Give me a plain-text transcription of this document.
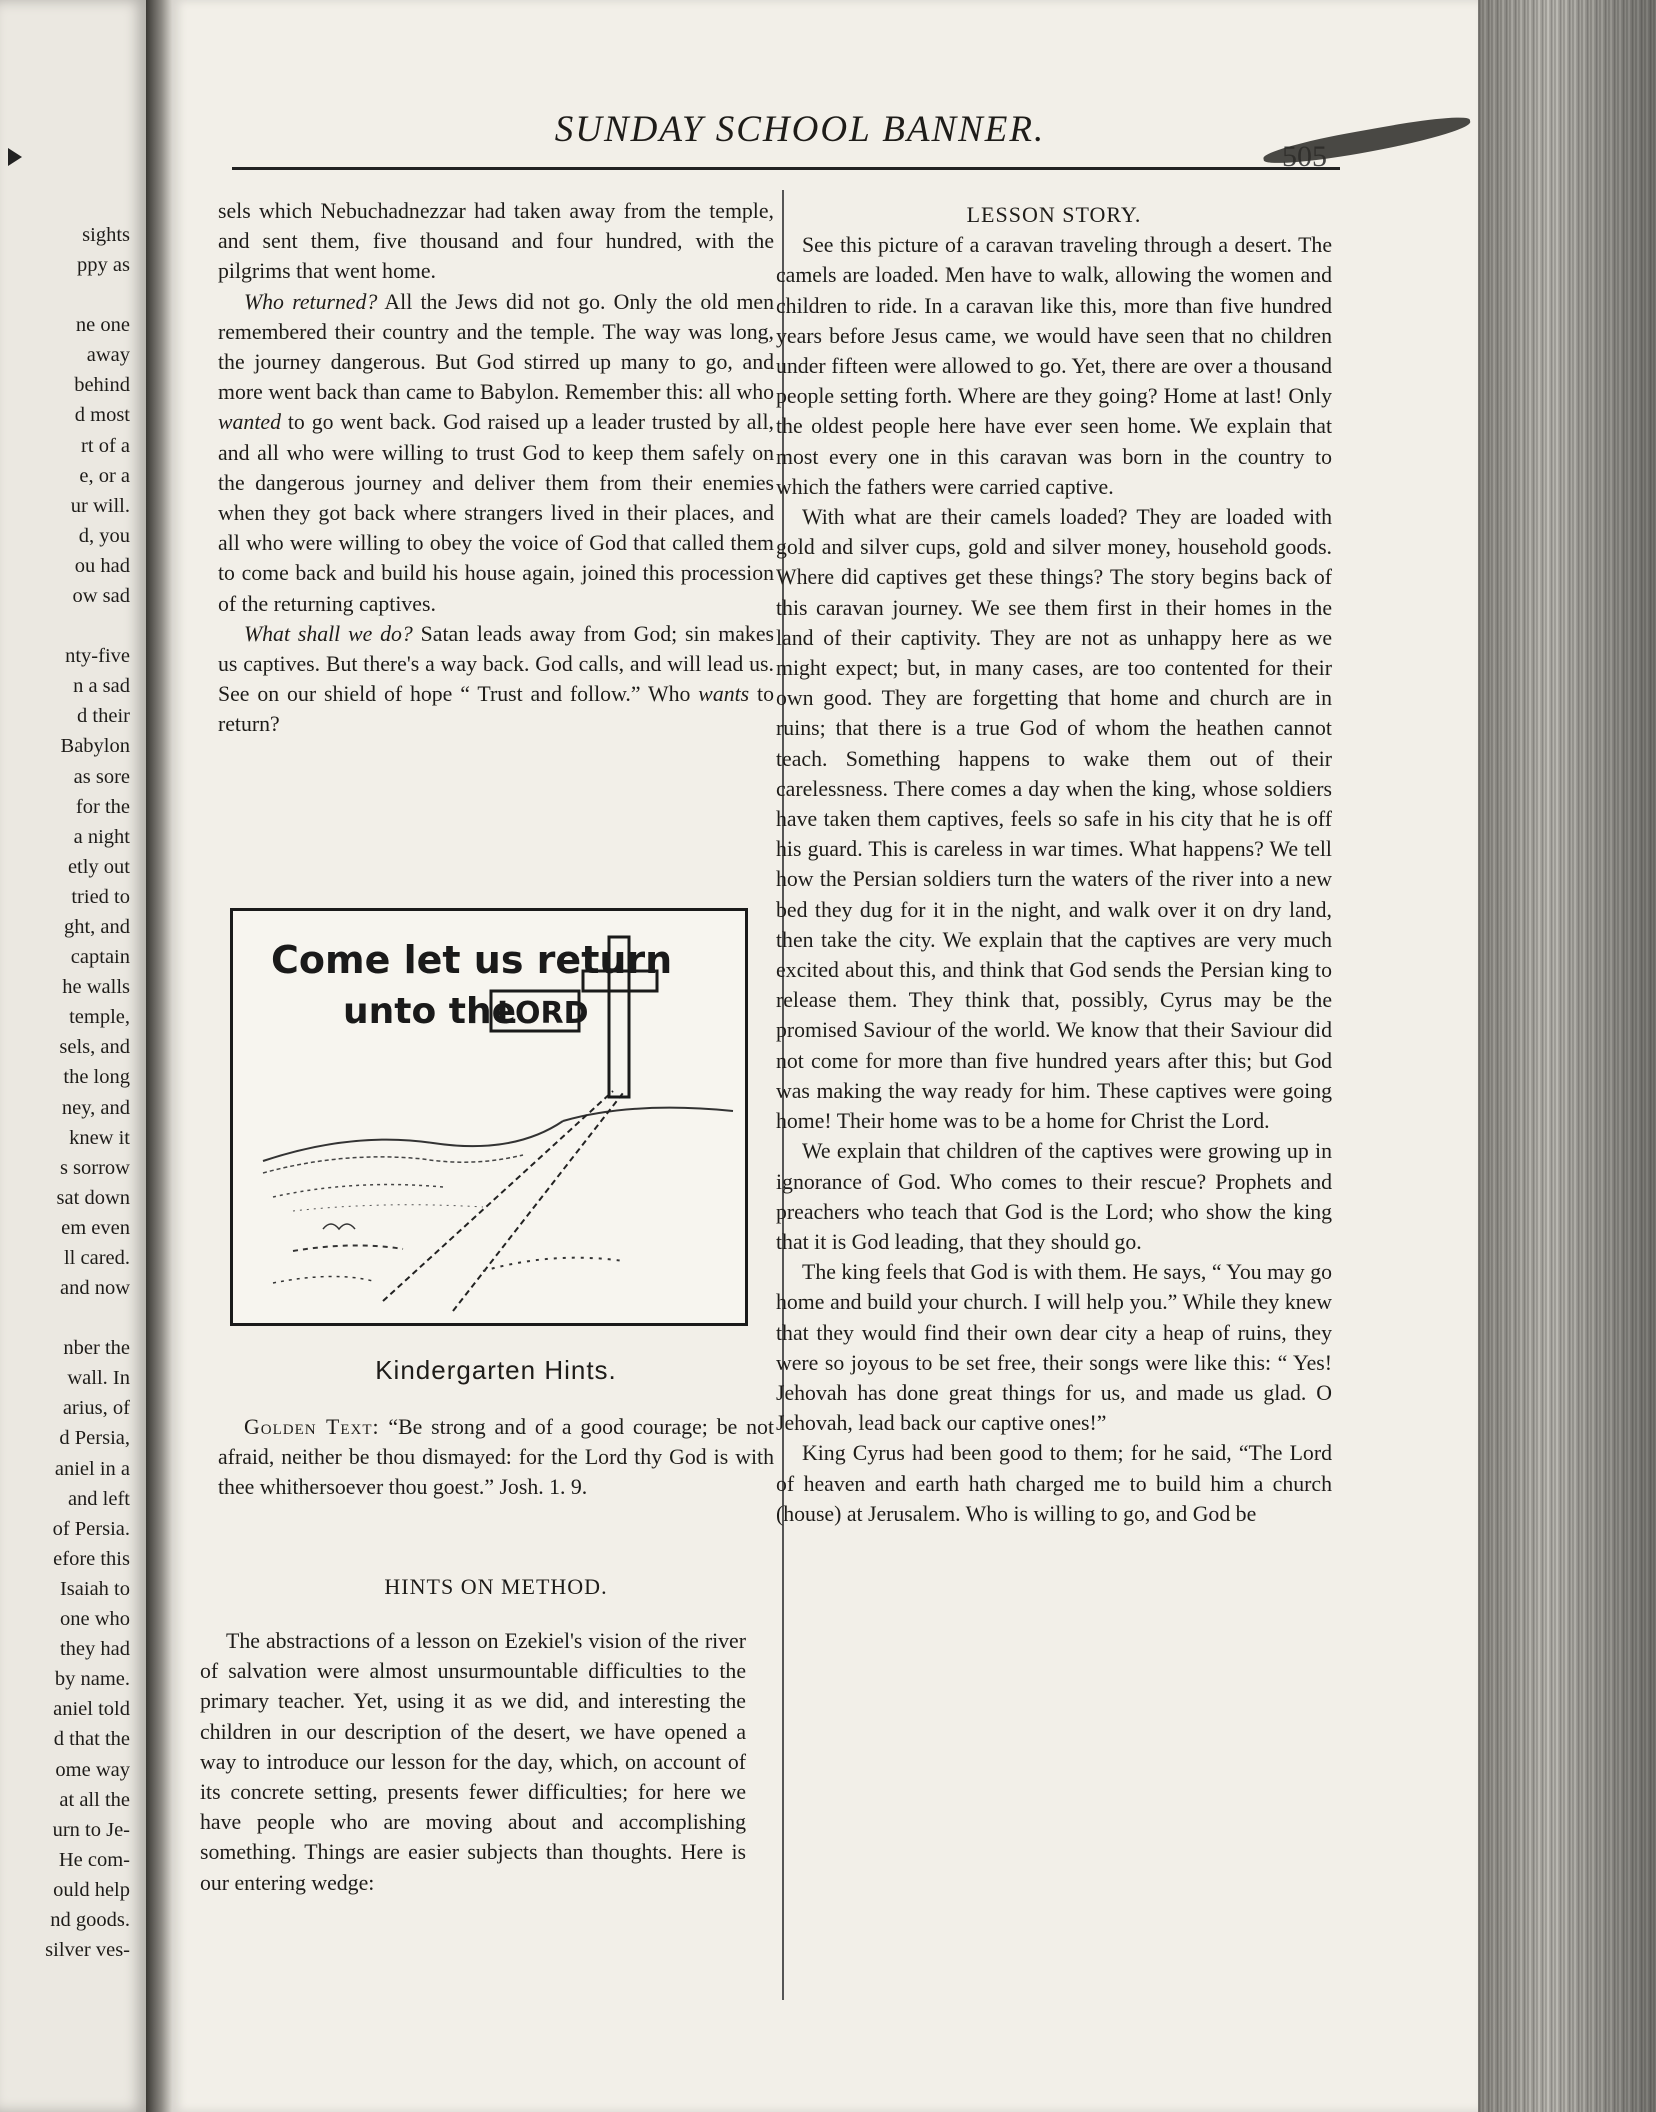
sights
ppy as
ne one
away
behind
d most
rt of a
e, or a
ur will.
d, you
ou had
ow sad
nty-five
n a sad
d their
Babylon
as sore
for the
a night
etly out
tried to
ght, and
captain
he walls
temple,
sels, and
the long
ney, and
knew it
s sorrow
sat down
em even
ll cared.
and now
nber the
wall. In
arius, of
d Persia,
aniel in a
and left
of Persia.
efore this
Isaiah to
one who
they had
by name.
aniel told
d that the
ome way
at all the
urn to Je-
He com-
ould help
nd goods.
silver ves-
SUNDAY SCHOOL BANNER.

sels which Nebuchadnezzar had taken away from the temple, and sent them, five thousand and four hundred, with the pilgrims that went home.

Who returned? All the Jews did not go. Only the old men remembered their country and the temple. The way was long, the journey dangerous. But God stirred up many to go, and more went back than came to Babylon. Remember this: all who wanted to go went back. God raised up a leader trusted by all, and all who were willing to trust God to keep them safely on the dangerous journey and deliver them from their enemies when they got back where strangers lived in their places, and all who were willing to obey the voice of God that called them to come back and build his house again, joined this procession of the returning captives.

What shall we do? Satan leads away from God; sin makes us captives. But there's a way back. God calls, and will lead us. See on our shield of hope “ Trust and follow.” Who wants to return?

Come let us return
unto the
LORD
Kindergarten Hints.

Golden Text: “Be strong and of a good courage; be not afraid, neither be thou dismayed: for the Lord thy God is with thee whithersoever thou goest.” Josh. 1. 9.

HINTS ON METHOD.

The abstractions of a lesson on Ezekiel's vision of the river of salvation were almost unsurmountable difficulties to the primary teacher. Yet, using it as we did, and interesting the children in our description of the desert, we have opened a way to introduce our lesson for the day, which, on account of its concrete setting, presents fewer difficulties; for here we have people who are moving about and accomplishing something. Things are easier subjects than thoughts. Here is our entering wedge:

LESSON STORY.

See this picture of a caravan traveling through a desert. The camels are loaded. Men have to walk, allowing the women and children to ride. In a caravan like this, more than five hundred years before Jesus came, we would have seen that no children under fifteen were allowed to go. Yet, there are over a thousand people setting forth. Where are they going? Home at last! Only the oldest people here have ever seen home. We explain that most every one in this caravan was born in the country to which the fathers were carried captive.

With what are their camels loaded? They are loaded with gold and silver cups, gold and silver money, household goods. Where did captives get these things? The story begins back of this caravan journey. We see them first in their homes in the land of their captivity. They are not as unhappy here as we might expect; but, in many cases, are too contented for their own good. They are forgetting that home and church are in ruins; that there is a true God of whom the heathen cannot teach. Something happens to wake them out of their carelessness. There comes a day when the king, whose soldiers have taken them captives, feels so safe in his city that he is off his guard. This is careless in war times. What happens? We tell how the Persian soldiers turn the waters of the river into a new bed they dug for it in the night, and walk over it on dry land, then take the city. We explain that the captives are very much excited about this, and think that God sends the Persian king to release them. They think that, possibly, Cyrus may be the promised Saviour of the world. We know that their Saviour did not come for more than five hundred years after this; but God was making the way ready for him. These captives were going home! Their home was to be a home for Christ the Lord.

We explain that children of the captives were growing up in ignorance of God. Who comes to their rescue? Prophets and preachers who teach that God is the Lord; who show the king that it is God leading, that they should go.

The king feels that God is with them. He says, “ You may go home and build your church. I will help you.” While they knew that they would find their own dear city a heap of ruins, they were so joyous to be set free, their songs were like this: “ Yes! Jehovah has done great things for us, and made us glad. O Jehovah, lead back our captive ones!”

King Cyrus had been good to them; for he said, “The Lord of heaven and earth hath charged me to build him a church (house) at Jerusalem. Who is willing to go, and God be
